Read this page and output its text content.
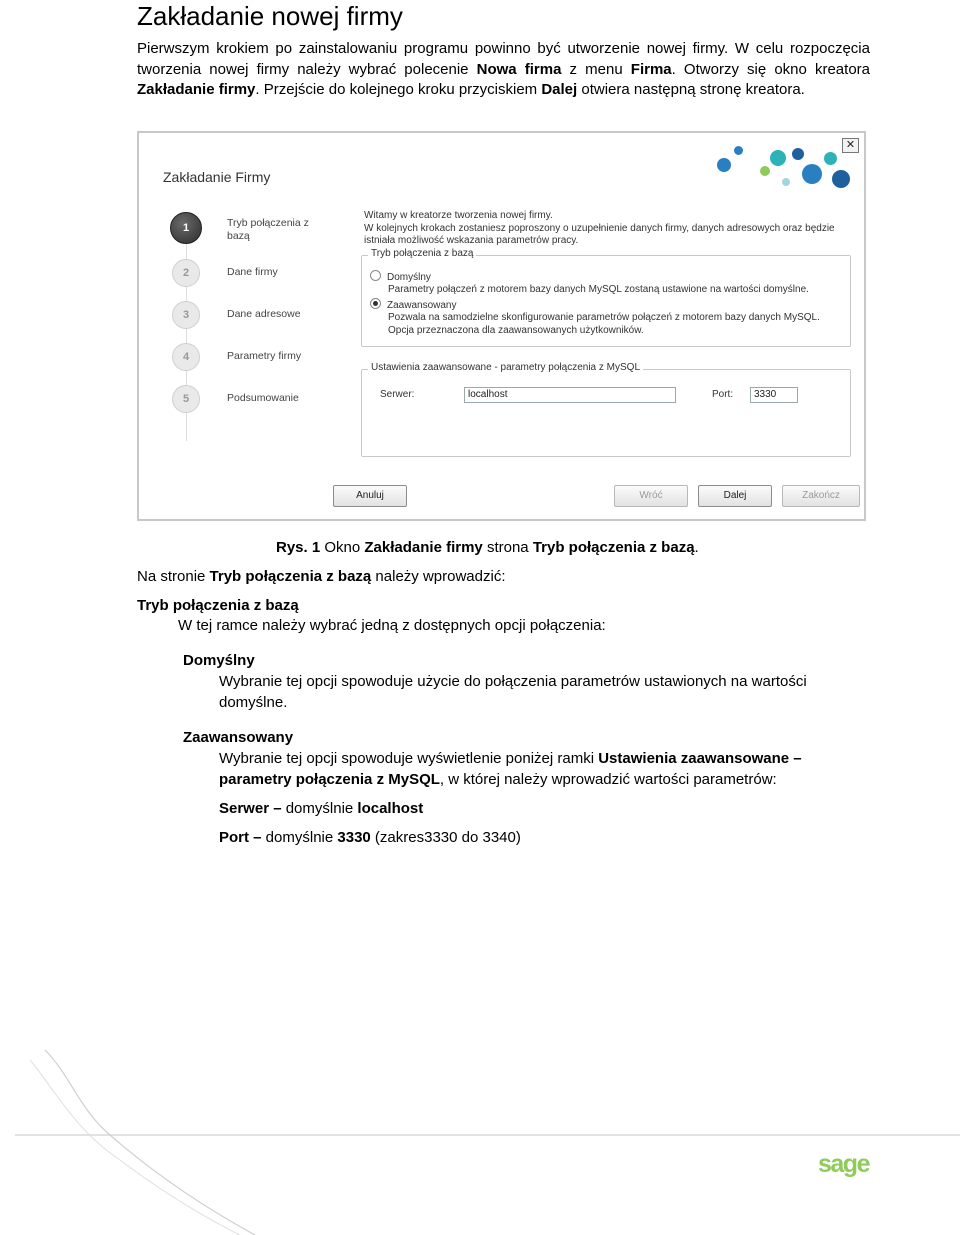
Zakładanie nowej firmy
Pierwszym krokiem po zainstalowaniu programu powinno być utworzenie nowej firmy. W celu rozpoczęcia tworzenia nowej firmy należy wybrać polecenie Nowa firma z menu Firma. Otworzy się okno kreatora Zakładanie firmy. Przejście do kolejnego kroku przyciskiem Dalej otwiera następną stronę kreatora.
✕
Zakładanie Firmy
1	Tryb połączenia z bazą
2	Dane firmy
3	Dane adresowe
4	Parametry firmy
5	Podsumowanie
Witamy w kreatorze tworzenia nowej firmy.
W kolejnych krokach zostaniesz poproszony o uzupełnienie danych firmy, danych adresowych oraz będzie istniała możliwość wskazania parametrów pracy.
Tryb połączenia z bazą
Domyślny
Parametry połączeń z motorem bazy danych MySQL zostaną ustawione na wartości domyślne.
Zaawansowany
Pozwala na samodzielne skonfigurowanie parametrów połączeń z motorem bazy danych MySQL. Opcja przeznaczona dla zaawansowanych użytkowników.
Ustawienia zaawansowane - parametry połączenia z MySQL
Serwer:	localhost	Port:	3330
Anuluj	Wróć	Dalej	Zakończ
Rys. 1 Okno Zakładanie firmy strona Tryb połączenia z bazą.
Na stronie Tryb połączenia z bazą należy wprowadzić:
Tryb połączenia z bazą
W tej ramce należy wybrać jedną z dostępnych opcji połączenia:
Domyślny
Wybranie tej opcji spowoduje użycie do połączenia parametrów ustawionych na wartości domyślne.
Zaawansowany
Wybranie tej opcji spowoduje wyświetlenie poniżej ramki Ustawienia zaawansowane – parametry połączenia z MySQL, w której należy wprowadzić wartości parametrów:
Serwer – domyślnie localhost
Port – domyślnie 3330 (zakres3330 do 3340)
sage
